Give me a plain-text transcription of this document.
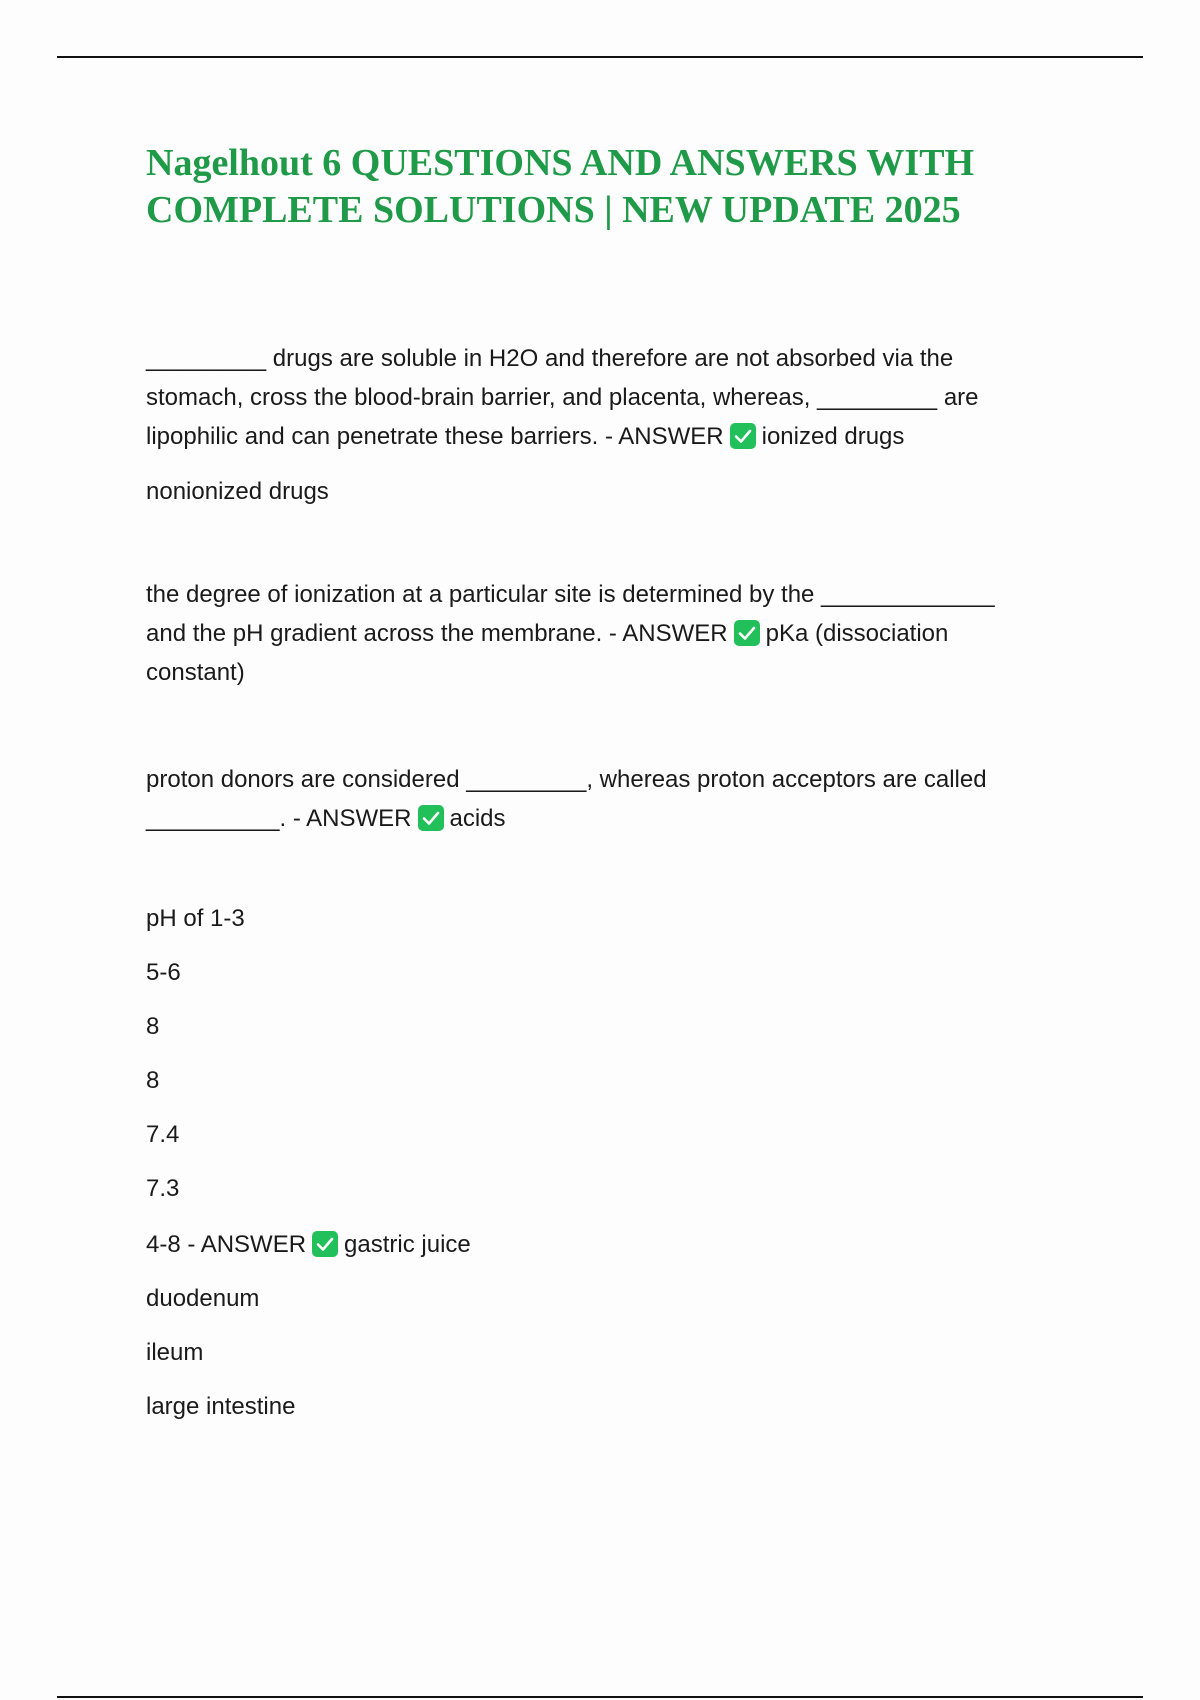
Nagelhout 6 QUESTIONS AND ANSWERS WITH
COMPLETE SOLUTIONS | NEW UPDATE 2025
_________ drugs are soluble in H2O and therefore are not absorbed via the
stomach, cross the blood-brain barrier, and placenta, whereas, _________ are
lipophilic and can penetrate these barriers. - ANSWER ionized drugs
nonionized drugs
the degree of ionization at a particular site is determined by the _____________
and the pH gradient across the membrane. - ANSWER pKa (dissociation
constant)
proton donors are considered _________, whereas proton acceptors are called
__________. - ANSWER acids
pH of 1-3
5-6
8
8
7.4
7.3
4-8 - ANSWER gastric juice
duodenum
ileum
large intestine
